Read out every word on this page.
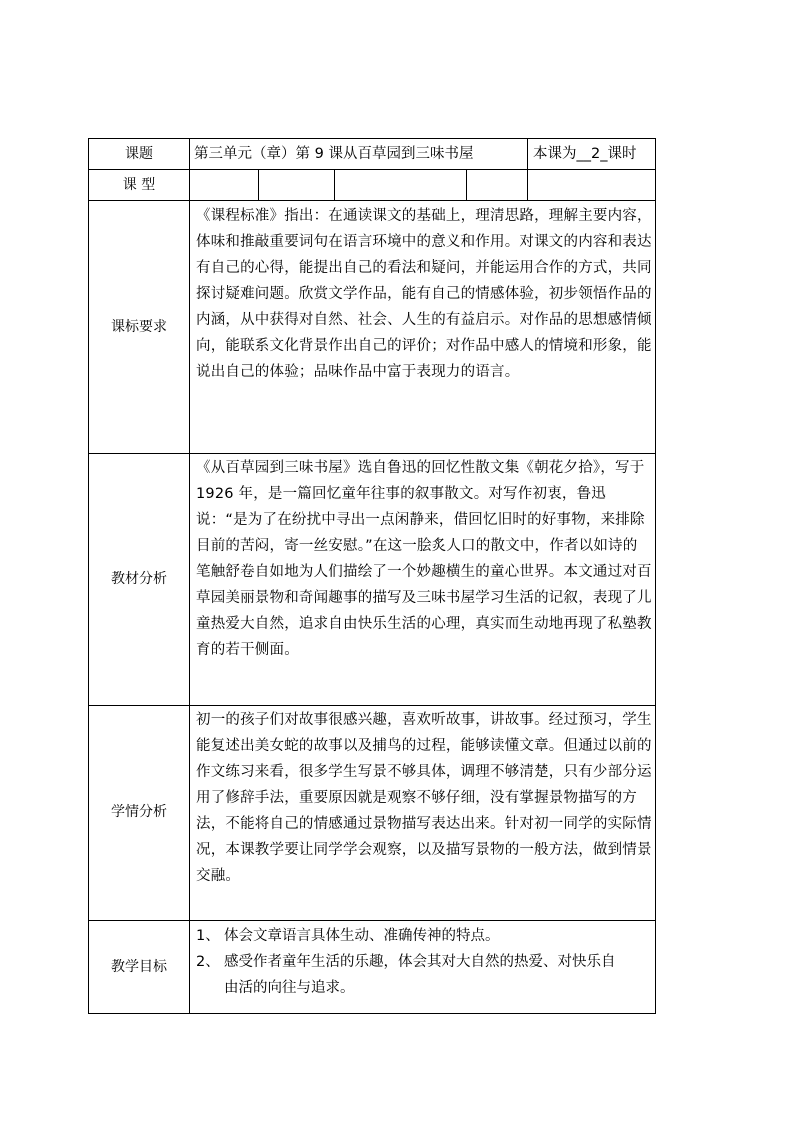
课题	第三单元（章）第 9 课从百草园到三味书屋	本课为__2_课时
课 型
课标要求
《课程标准》指出：在通读课文的基础上，理清思路，理解主要内容，体味和推敲重要词句在语言环境中的意义和作用。对课文的内容和表达有自己的心得，能提出自己的看法和疑问，并能运用合作的方式，共同探讨疑难问题。欣赏文学作品，能有自己的情感体验，初步领悟作品的内涵，从中获得对自然、社会、人生的有益启示。对作品的思想感情倾向，能联系文化背景作出自己的评价；对作品中感人的情境和形象，能说出自己的体验；品味作品中富于表现力的语言。
教材分析
《从百草园到三味书屋》选自鲁迅的回忆性散文集《朝花夕拾》，写于 1926 年，是一篇回忆童年往事的叙事散文。对写作初衷，鲁迅说：“是为了在纷扰中寻出一点闲静来，借回忆旧时的好事物，来排除目前的苦闷，寄一丝安慰。”在这一脍炙人口的散文中，作者以如诗的笔触舒卷自如地为人们描绘了一个妙趣横生的童心世界。本文通过对百草园美丽景物和奇闻趣事的描写及三味书屋学习生活的记叙，表现了儿童热爱大自然，追求自由快乐生活的心理，真实而生动地再现了私塾教育的若干侧面。
学情分析
初一的孩子们对故事很感兴趣，喜欢听故事，讲故事。经过预习，学生能复述出美女蛇的故事以及捕鸟的过程，能够读懂文章。但通过以前的作文练习来看，很多学生写景不够具体，调理不够清楚，只有少部分运用了修辞手法，重要原因就是观察不够仔细，没有掌握景物描写的方法，不能将自己的情感通过景物描写表达出来。针对初一同学的实际情况，本课教学要让同学学会观察，以及描写景物的一般方法，做到情景交融。
教学目标
1、 体会文章语言具体生动、准确传神的特点。
2、 感受作者童年生活的乐趣，体会其对大自然的热爱、对快乐自
由活的向往与追求。
